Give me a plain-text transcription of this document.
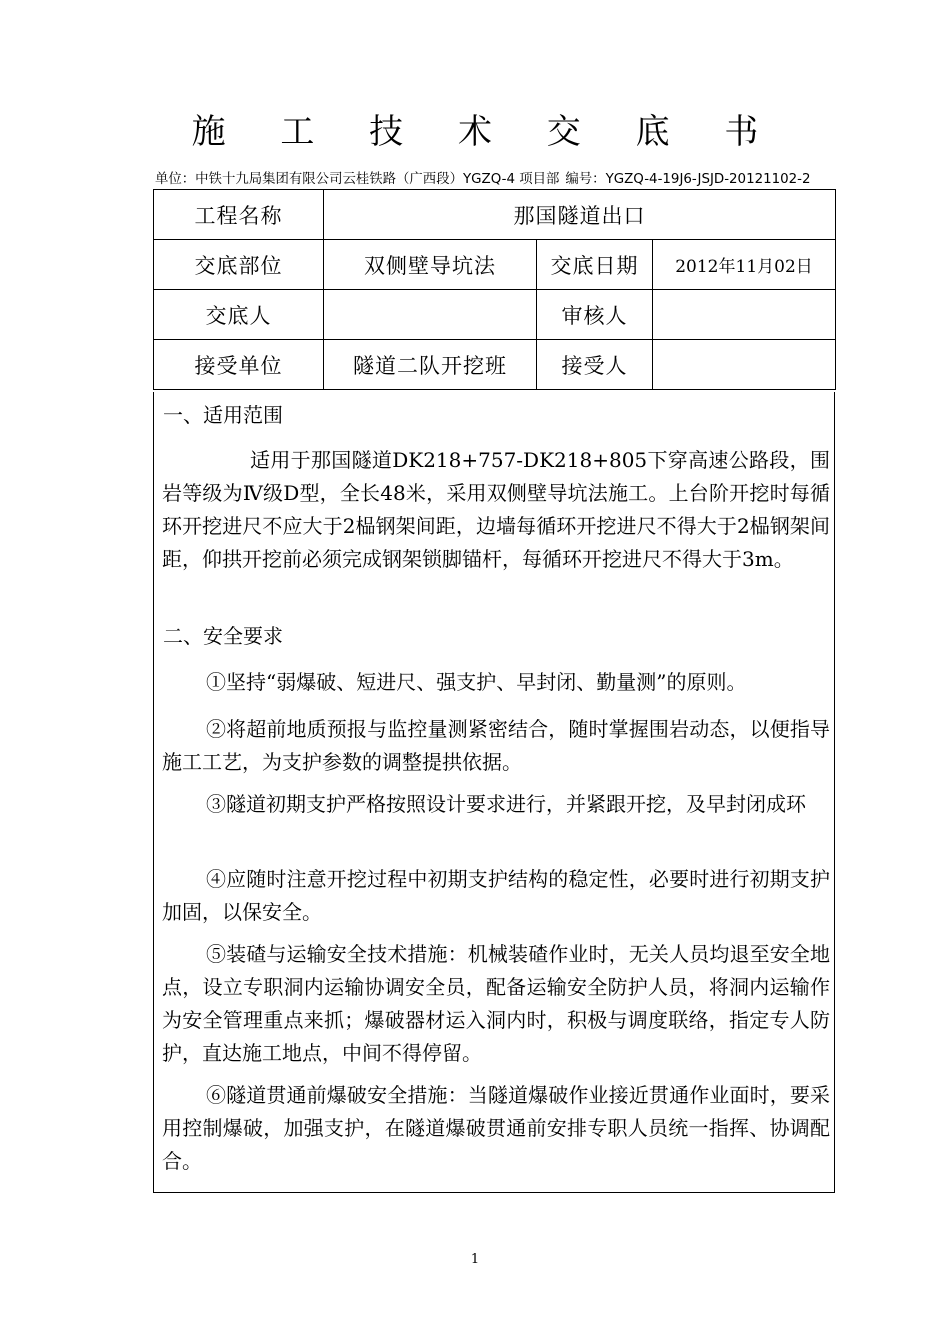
施 工 技 术 交 底 书
单位：中铁十九局集团有限公司云桂铁路（广西段）YGZQ-4 项目部 编号：YGZQ-4-19J6-JSJD-20121102-2
工程名称	那国隧道出口		
交底部位	双侧壁导坑法	交底日期	2012年11月02日
交底人		审核人	
接受单位	隧道二队开挖班	接受人	
一、适用范围

适用于那国隧道DK218+757-DK218+805下穿高速公路段，围岩等级为Ⅳ级D型，全长48米，采用双侧壁导坑法施工。上台阶开挖时每循环开挖进尺不应大于2榀钢架间距，边墙每循环开挖进尺不得大于2榀钢架间距，仰拱开挖前必须完成钢架锁脚锚杆，每循环开挖进尺不得大于3m。

二、安全要求

①坚持“弱爆破、短进尺、强支护、早封闭、勤量测”的原则。

②将超前地质预报与监控量测紧密结合，随时掌握围岩动态，以便指导施工工艺，为支护参数的调整提拱依据。

③隧道初期支护严格按照设计要求进行，并紧跟开挖，及早封闭成环

④应随时注意开挖过程中初期支护结构的稳定性，必要时进行初期支护加固，以保安全。

⑤装碴与运输安全技术措施：机械装碴作业时，无关人员均退至安全地点，设立专职洞内运输协调安全员，配备运输安全防护人员，将洞内运输作为安全管理重点来抓；爆破器材运入洞内时，积极与调度联络，指定专人防护，直达施工地点，中间不得停留。

⑥隧道贯通前爆破安全措施：当隧道爆破作业接近贯通作业面时，要采用控制爆破，加强支护，在隧道爆破贯通前安排专职人员统一指挥、协调配合。

1
